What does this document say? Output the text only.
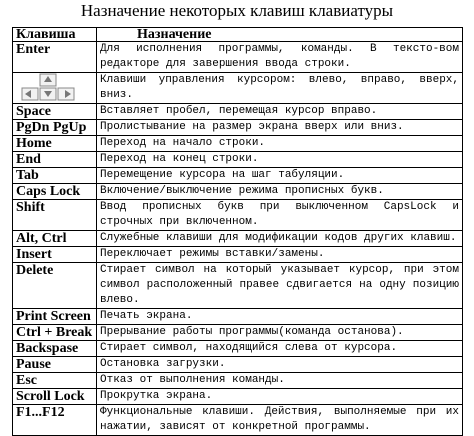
Назначение некоторых клавиш клавиатуры
Клавиша	Назначение
Enter	Для исполнения программы, команды. В тексто-вом редакторе для завершения ввода строки.
	Клавиши управления курсором: влево, вправо, вверх, вниз.
Space	Вставляет пробел, перемещая курсор вправо.
PgDn PgUp	Пролистывание на размер экрана вверх или вниз.
Home	Переход на начало строки.
End	Переход на конец строки.
Tab	Перемещение курсора на шаг табуляции.
Caps Lock	Включение/выключение режима прописных букв.
Shift	Ввод прописных букв при выключенном CapsLock и строчных при включенном.
Alt, Ctrl	Служебные клавиши для модификации кодов других клавиш.
Insert	Переключает режимы вставки/замены.
Delete	Стирает символ на который указывает курсор, при этом символ расположенный правее сдвигается на одну позицию влево.
Print Screen	Печать экрана.
Ctrl + Break	Прерывание работы программы(команда останова).
Backspase	Стирает символ, находящийся слева от курсора.
Pause	Остановка загрузки.
Esc	Отказ от выполнения команды.
Scroll Lock	Прокрутка экрана.
F1...F12	Функциональные клавиши. Действия, выполняемые при их нажатии, зависят от конкретной программы.
